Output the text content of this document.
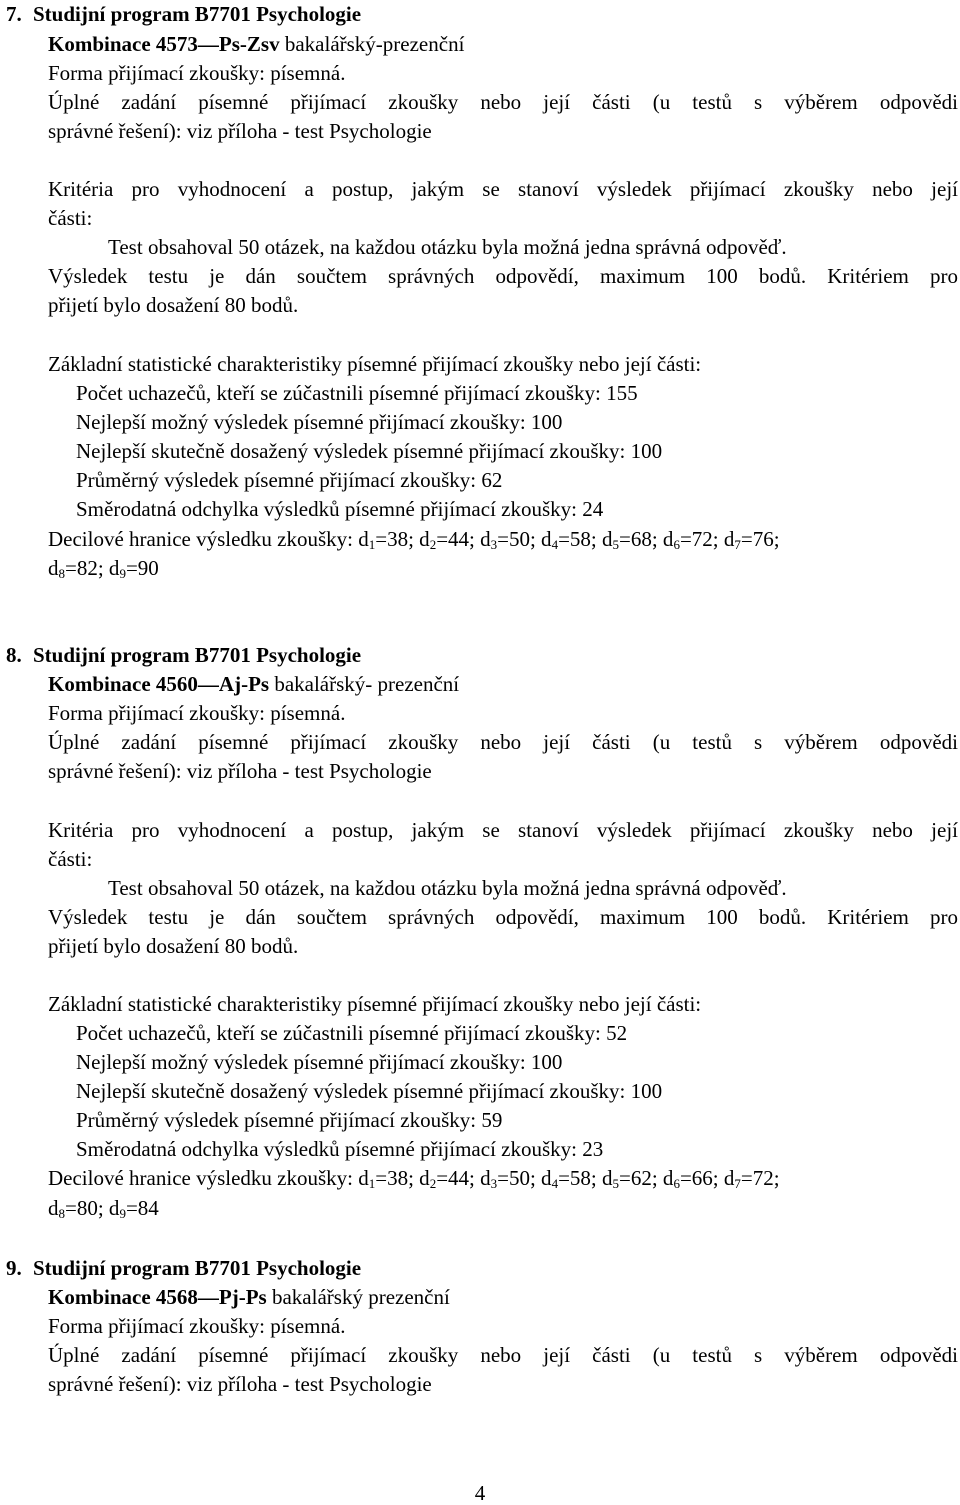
7. Studijní program B7701 Psychologie
Kombinace 4573—Ps-Zsv bakalářský-prezenční
Forma přijímací zkoušky: písemná.
Úplné zadání písemné přijímací zkoušky nebo její části (u testů s výběrem odpovědi
správné řešení): viz příloha - test Psychologie
Kritéria pro vyhodnocení a postup, jakým se stanoví výsledek přijímací zkoušky nebo její
části:
Test obsahoval 50 otázek, na každou otázku byla možná jedna správná odpověď.
Výsledek testu je dán součtem správných odpovědí, maximum 100 bodů. Kritériem pro
přijetí bylo dosažení 80 bodů.
Základní statistické charakteristiky písemné přijímací zkoušky nebo její části:
Počet uchazečů, kteří se zúčastnili písemné přijímací zkoušky: 155
Nejlepší možný výsledek písemné přijímací zkoušky: 100
Nejlepší skutečně dosažený výsledek písemné přijímací zkoušky: 100
Průměrný výsledek písemné přijímací zkoušky: 62
Směrodatná odchylka výsledků písemné přijímací zkoušky: 24
Decilové hranice výsledku zkoušky: $d_1=38$; $d_2=44$; $d_3=50$; $d_4=58$; $d_5=68$; $d_6=72$; $d_7=76$;
$d_8=82$; $d_9=90$
8. Studijní program B7701 Psychologie
Kombinace 4560—Aj-Ps bakalářský- prezenční
Forma přijímací zkoušky: písemná.
Úplné zadání písemné přijímací zkoušky nebo její části (u testů s výběrem odpovědi
správné řešení): viz příloha - test Psychologie
Kritéria pro vyhodnocení a postup, jakým se stanoví výsledek přijímací zkoušky nebo její
části:
Test obsahoval 50 otázek, na každou otázku byla možná jedna správná odpověď.
Výsledek testu je dán součtem správných odpovědí, maximum 100 bodů. Kritériem pro
přijetí bylo dosažení 80 bodů.
Základní statistické charakteristiky písemné přijímací zkoušky nebo její části:
Počet uchazečů, kteří se zúčastnili písemné přijímací zkoušky: 52
Nejlepší možný výsledek písemné přijímací zkoušky: 100
Nejlepší skutečně dosažený výsledek písemné přijímací zkoušky: 100
Průměrný výsledek písemné přijímací zkoušky: 59
Směrodatná odchylka výsledků písemné přijímací zkoušky: 23
Decilové hranice výsledku zkoušky: $d_1=38$; $d_2=44$; $d_3=50$; $d_4=58$; $d_5=62$; $d_6=66$; $d_7=72$;
$d_8=80$; $d_9=84$
9. Studijní program B7701 Psychologie
Kombinace 4568—Pj-Ps bakalářský prezenční
Forma přijímací zkoušky: písemná.
Úplné zadání písemné přijímací zkoušky nebo její části (u testů s výběrem odpovědi
správné řešení): viz příloha - test Psychologie
4
